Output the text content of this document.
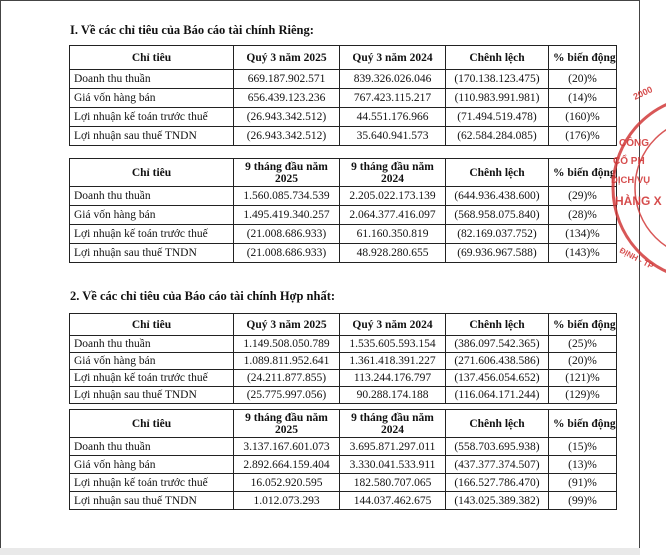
I. Về các chỉ tiêu của Báo cáo tài chính Riêng:
Chỉ tiêu	Quý 3 năm 2025	Quý 3 năm 2024	Chênh lệch	% biến động
Doanh thu thuần	669.187.902.571	839.326.026.046	(170.138.123.475)	(20)%
Giá vốn hàng bán	656.439.123.236	767.423.115.217	(110.983.991.981)	(14)%
Lợi nhuận kế toán trước thuế	(26.943.342.512)	44.551.176.966	(71.494.519.478)	(160)%
Lợi nhuận sau thuế TNDN	(26.943.342.512)	35.640.941.573	(62.584.284.085)	(176)%
Chỉ tiêu	9 tháng đầu năm 2025	9 tháng đầu năm 2024	Chênh lệch	% biến động
Doanh thu thuần	1.560.085.734.539	2.205.022.173.139	(644.936.438.600)	(29)%
Giá vốn hàng bán	1.495.419.340.257	2.064.377.416.097	(568.958.075.840)	(28)%
Lợi nhuận kế toán trước thuế	(21.008.686.933)	61.160.350.819	(82.169.037.752)	(134)%
Lợi nhuận sau thuế TNDN	(21.008.686.933)	48.928.280.655	(69.936.967.588)	(143)%
2. Về các chỉ tiêu của Báo cáo tài chính Hợp nhất:
Chỉ tiêu	Quý 3 năm 2025	Quý 3 năm 2024	Chênh lệch	% biến động
Doanh thu thuần	1.149.508.050.789	1.535.605.593.154	(386.097.542.365)	(25)%
Giá vốn hàng bán	1.089.811.952.641	1.361.418.391.227	(271.606.438.586)	(20)%
Lợi nhuận kế toán trước thuế	(24.211.877.855)	113.244.176.797	(137.456.054.652)	(121)%
Lợi nhuận sau thuế TNDN	(25.775.997.056)	90.288.174.188	(116.064.171.244)	(129)%
Chỉ tiêu	9 tháng đầu năm 2025	9 tháng đầu năm 2024	Chênh lệch	% biến động
Doanh thu thuần	3.137.167.601.073	3.695.871.297.011	(558.703.695.938)	(15)%
Giá vốn hàng bán	2.892.664.159.404	3.330.041.533.911	(437.377.374.507)	(13)%
Lợi nhuận kế toán trước thuế	16.052.920.595	182.580.707.065	(166.527.786.470)	(91)%
Lợi nhuận sau thuế TNDN	1.012.073.293	144.037.462.675	(143.025.389.382)	(99)%
2000
CÔNG
CỔ PH
DỊCH VỤ
HÀNG X
ĐỊNH - TP
